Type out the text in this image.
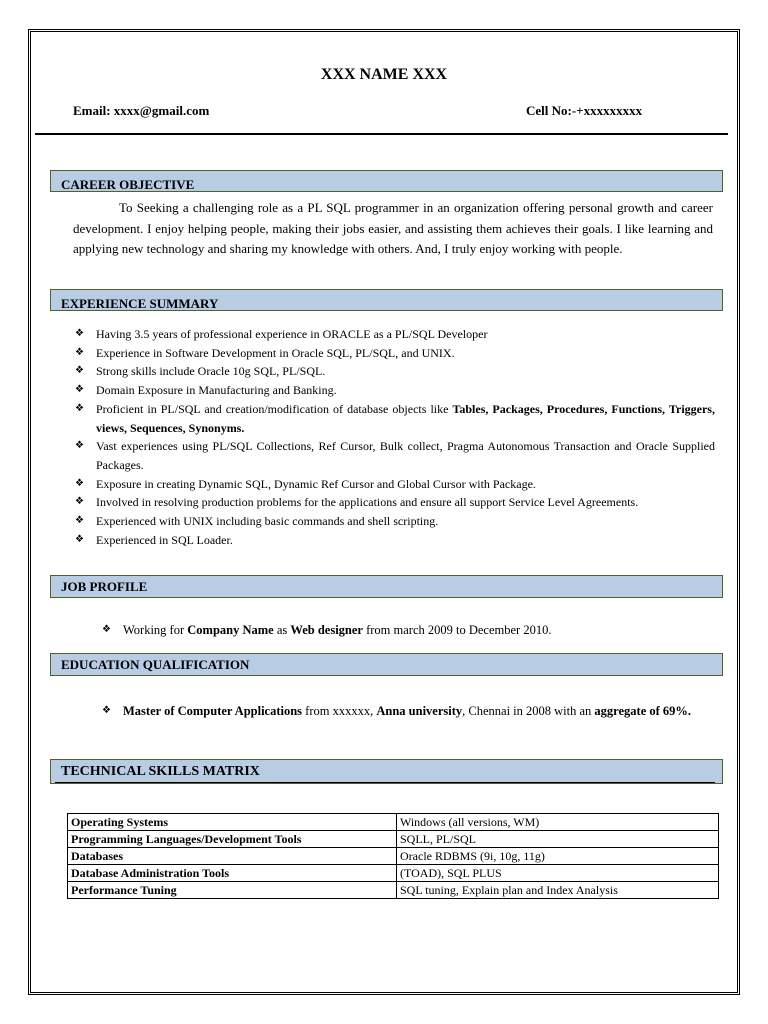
XXX NAME XXX
Email: xxxx@gmail.com	Cell No:-+xxxxxxxxx
CAREER OBJECTIVE
To Seeking a challenging role as a PL SQL programmer in an organization offering personal growth and career development. I enjoy helping people, making their jobs easier, and assisting them achieves their goals. I like learning and applying new technology and sharing my knowledge with others. And, I truly enjoy working with people.
EXPERIENCE SUMMARY
❖ Having 3.5 years of professional experience in ORACLE as a PL/SQL Developer
❖ Experience in Software Development in Oracle SQL, PL/SQL, and UNIX.
❖ Strong skills include Oracle 10g SQL, PL/SQL.
❖ Domain Exposure in Manufacturing and Banking.
❖ Proficient in PL/SQL and creation/modification of database objects like Tables, Packages, Procedures, Functions, Triggers, views, Sequences, Synonyms.
❖ Vast experiences using PL/SQL Collections, Ref Cursor, Bulk collect, Pragma Autonomous Transaction and Oracle Supplied Packages.
❖ Exposure in creating Dynamic SQL, Dynamic Ref Cursor and Global Cursor with Package.
❖ Involved in resolving production problems for the applications and ensure all support Service Level Agreements.
❖ Experienced with UNIX including basic commands and shell scripting.
❖ Experienced in SQL Loader.
JOB PROFILE
❖ Working for Company Name as Web designer from march 2009 to December 2010.
EDUCATION QUALIFICATION
❖ Master of Computer Applications from xxxxxx, Anna university, Chennai in 2008 with an aggregate of 69%.
TECHNICAL SKILLS MATRIX
Operating Systems	Windows (all versions, WM)
Programming Languages/Development Tools	SQLL, PL/SQL
Databases	Oracle RDBMS (9i, 10g, 11g)
Database Administration Tools	(TOAD), SQL PLUS
Performance Tuning	SQL tuning, Explain plan and Index Analysis
